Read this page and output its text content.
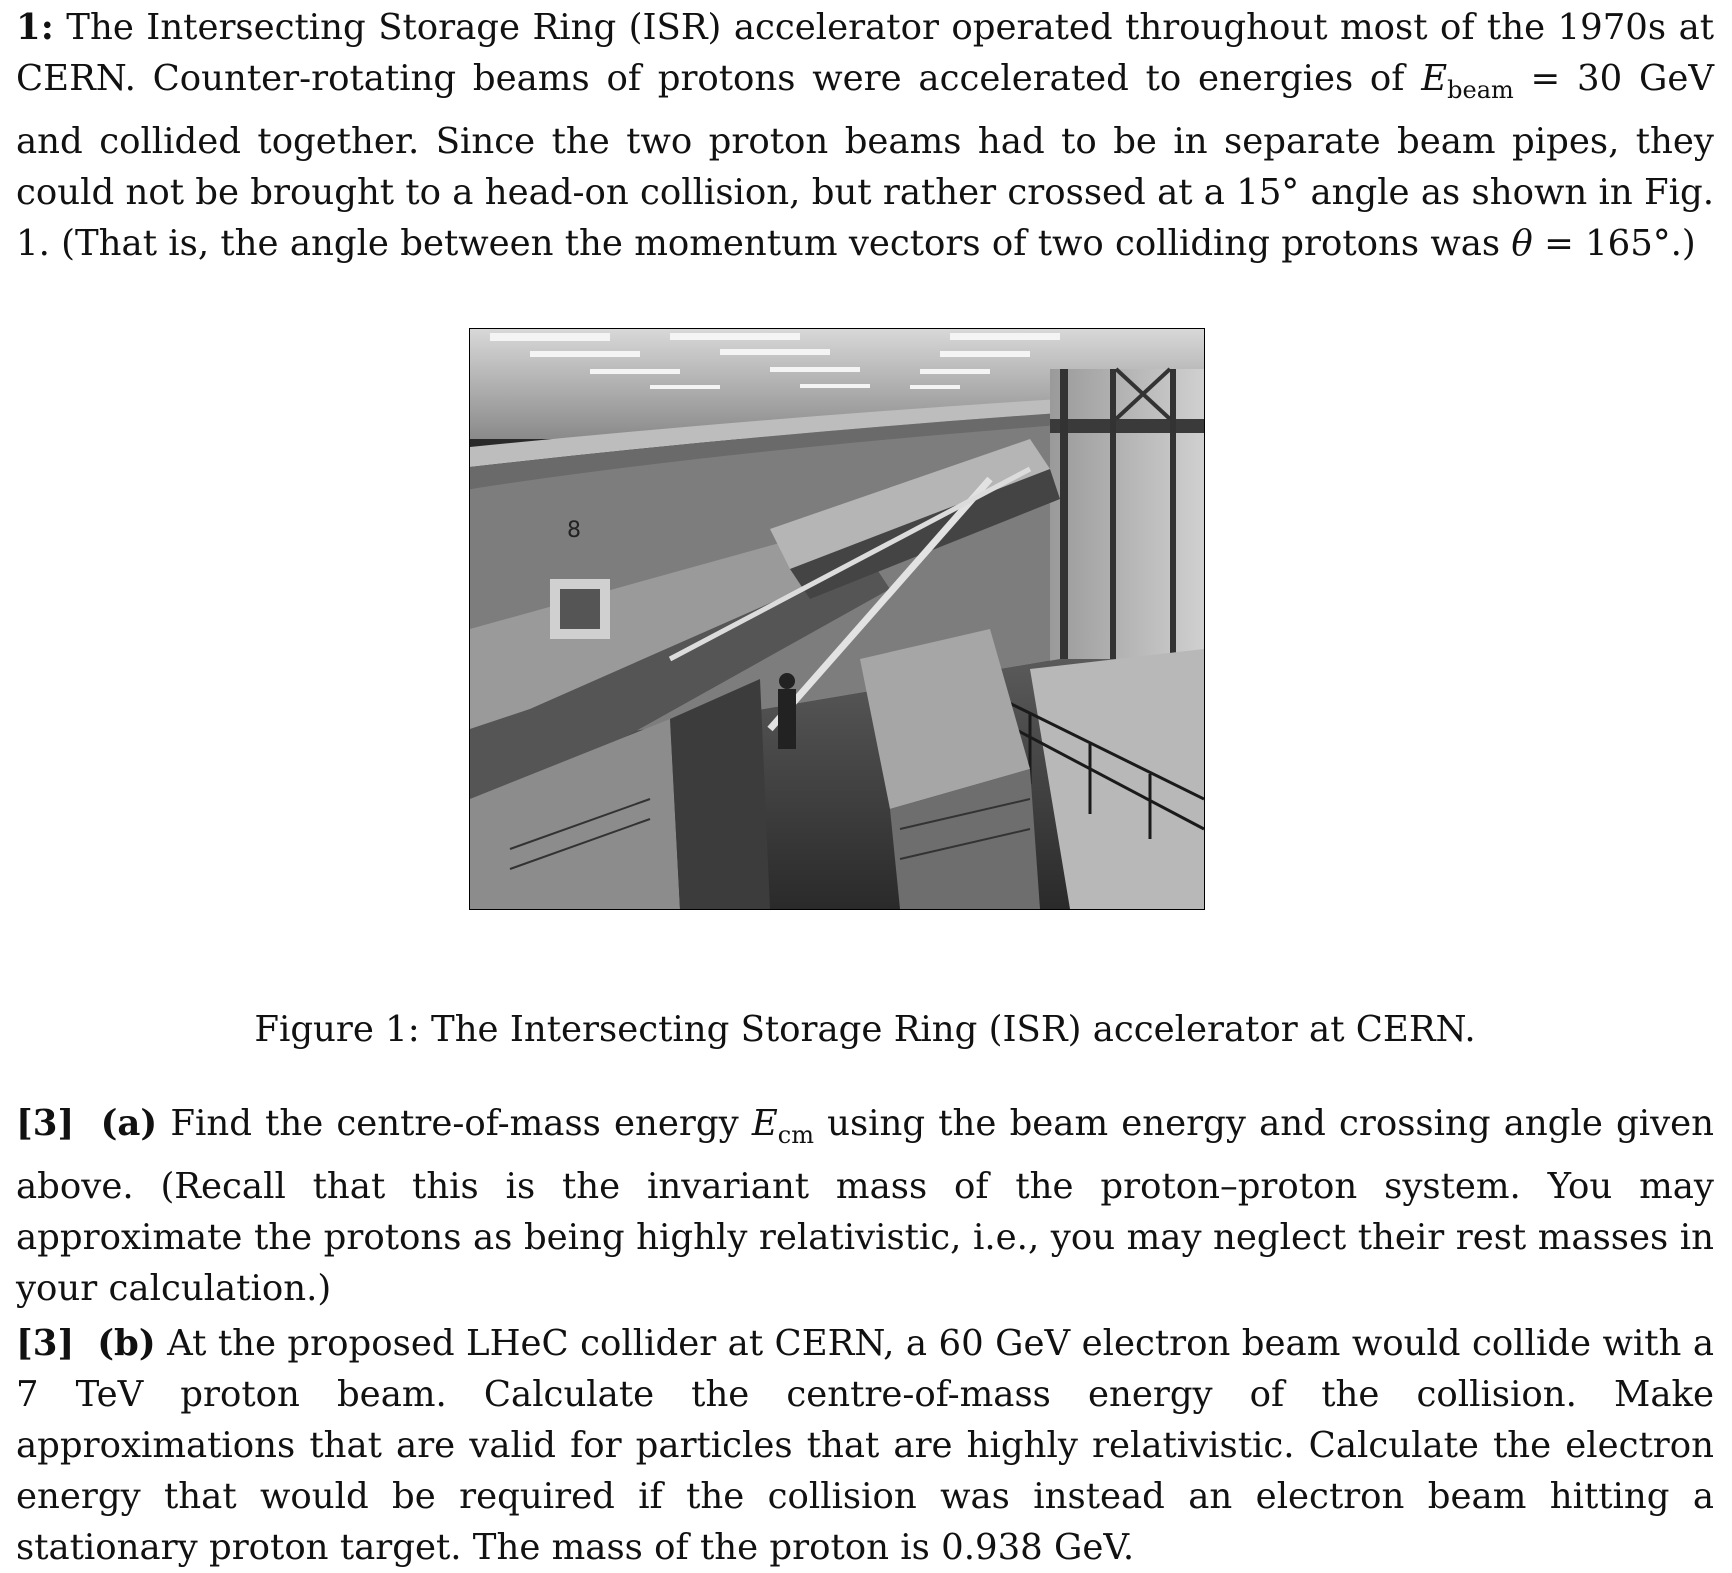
1: The Intersecting Storage Ring (ISR) accelerator operated throughout most of the 1970s at CERN. Counter-rotating beams of protons were accelerated to energies of $E_{beam} = 30$ GeV and collided together. Since the two proton beams had to be in separate beam pipes, they could not be brought to a head-on collision, but rather crossed at a 15° angle as shown in Fig. 1. (That is, the angle between the momentum vectors of two colliding protons was θ = 165°.)

8
Figure 1: The Intersecting Storage Ring (ISR) accelerator at CERN.

[3] (a) Find the centre-of-mass energy $E_{cm}$ using the beam energy and crossing angle given above. (Recall that this is the invariant mass of the proton–proton system. You may approximate the protons as being highly relativistic, i.e., you may neglect their rest masses in your calculation.)

[3] (b) At the proposed LHeC collider at CERN, a 60 GeV electron beam would collide with a 7 TeV proton beam. Calculate the centre-of-mass energy of the collision. Make approximations that are valid for particles that are highly relativistic. Calculate the electron energy that would be required if the collision was instead an electron beam hitting a stationary proton target. The mass of the proton is 0.938 GeV.
